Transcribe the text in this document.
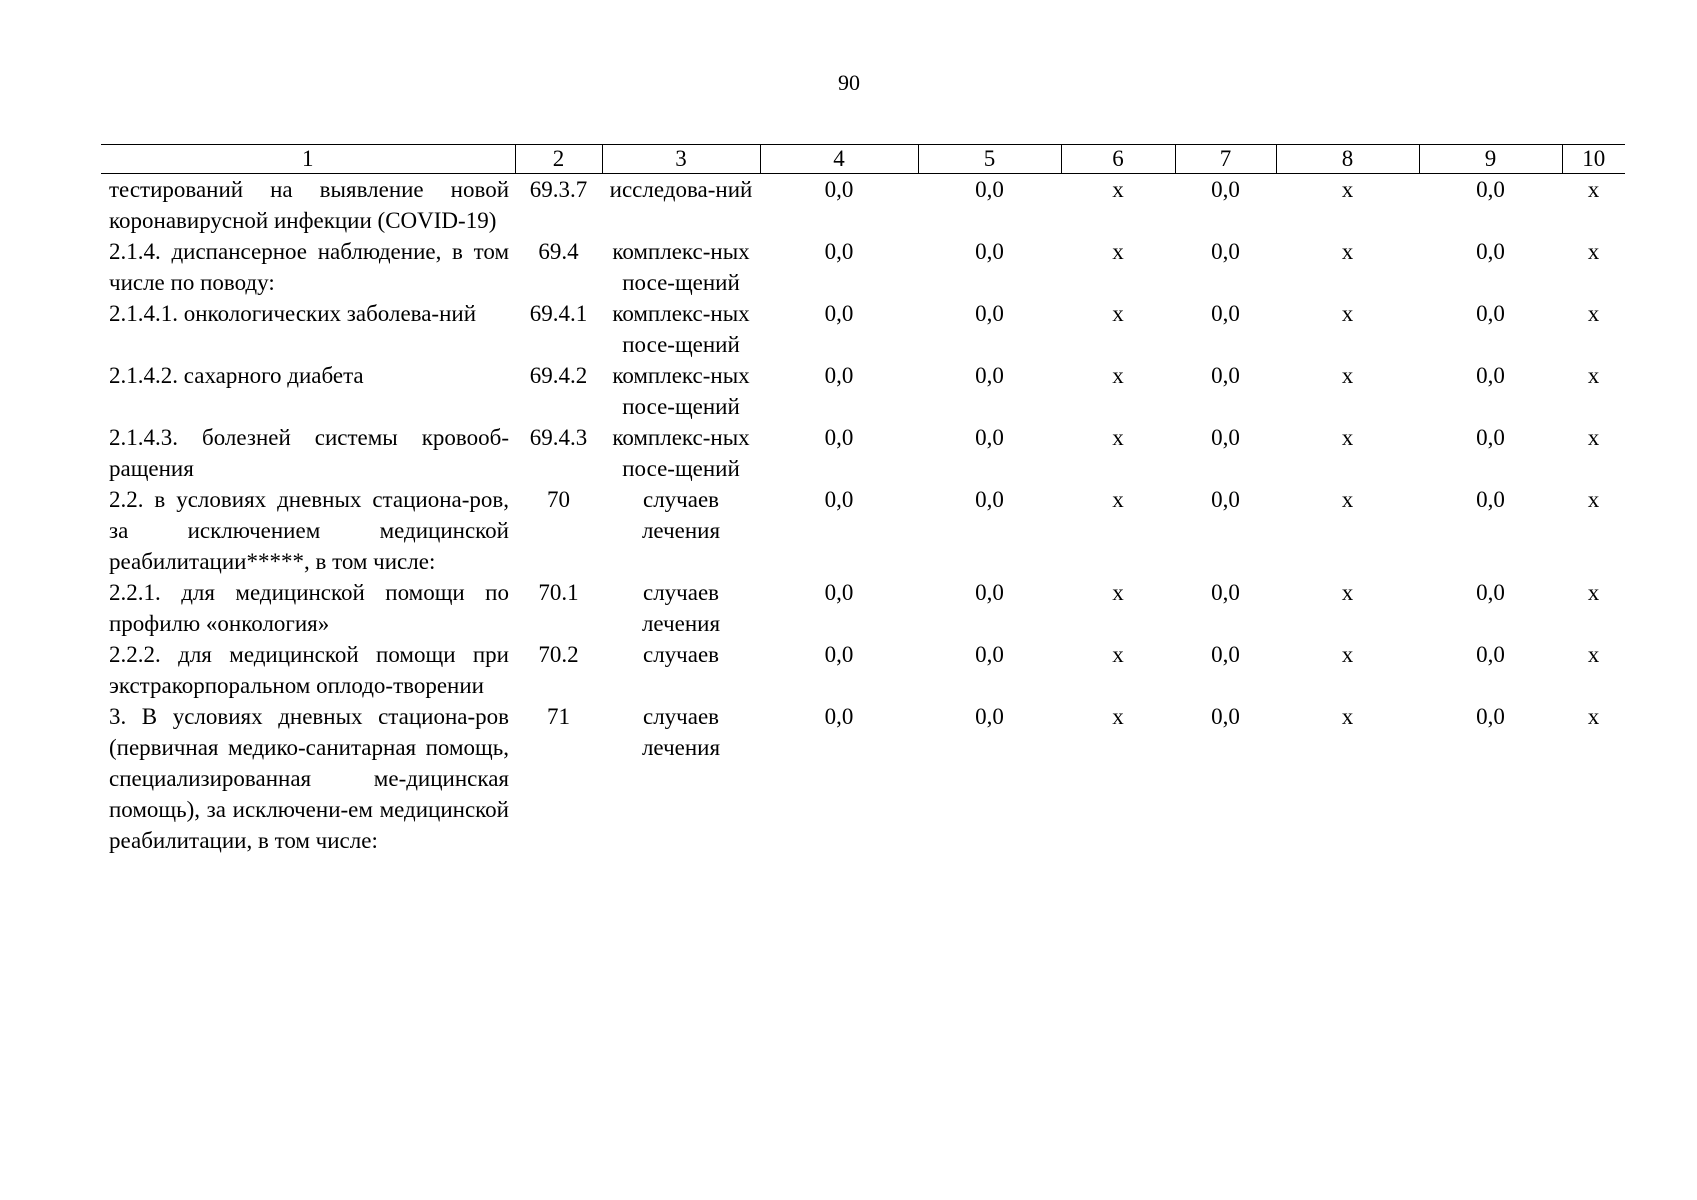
90
1	2	3	4	5	6	7	8	9	10
тестирований на выявление новой коронавирусной инфекции (COVID-19)	69.3.7	исследова-ний	0,0	0,0	х	0,0	х	0,0	х
2.1.4. диспансерное наблюдение, в том числе по поводу:	69.4	комплекс-ных посе-щений	0,0	0,0	х	0,0	х	0,0	х
2.1.4.1. онкологических заболева-ний	69.4.1	комплекс-ных посе-щений	0,0	0,0	х	0,0	х	0,0	х
2.1.4.2. сахарного диабета	69.4.2	комплекс-ных посе-щений	0,0	0,0	х	0,0	х	0,0	х
2.1.4.3. болезней системы кровооб-ращения	69.4.3	комплекс-ных посе-щений	0,0	0,0	х	0,0	х	0,0	х
2.2. в условиях дневных стациона-ров, за исключением медицинской реабилитации*****, в том числе:	70	случаев лечения	0,0	0,0	х	0,0	х	0,0	х
2.2.1. для медицинской помощи по профилю «онкология»	70.1	случаев лечения	0,0	0,0	х	0,0	х	0,0	х
2.2.2. для медицинской помощи при экстракорпоральном оплодо-творении	70.2	случаев	0,0	0,0	х	0,0	х	0,0	х
3. В условиях дневных стациона-ров (первичная медико-санитарная помощь, специализированная ме-дицинская помощь), за исключени-ем медицинской реабилитации, в том числе:	71	случаев лечения	0,0	0,0	х	0,0	х	0,0	х
